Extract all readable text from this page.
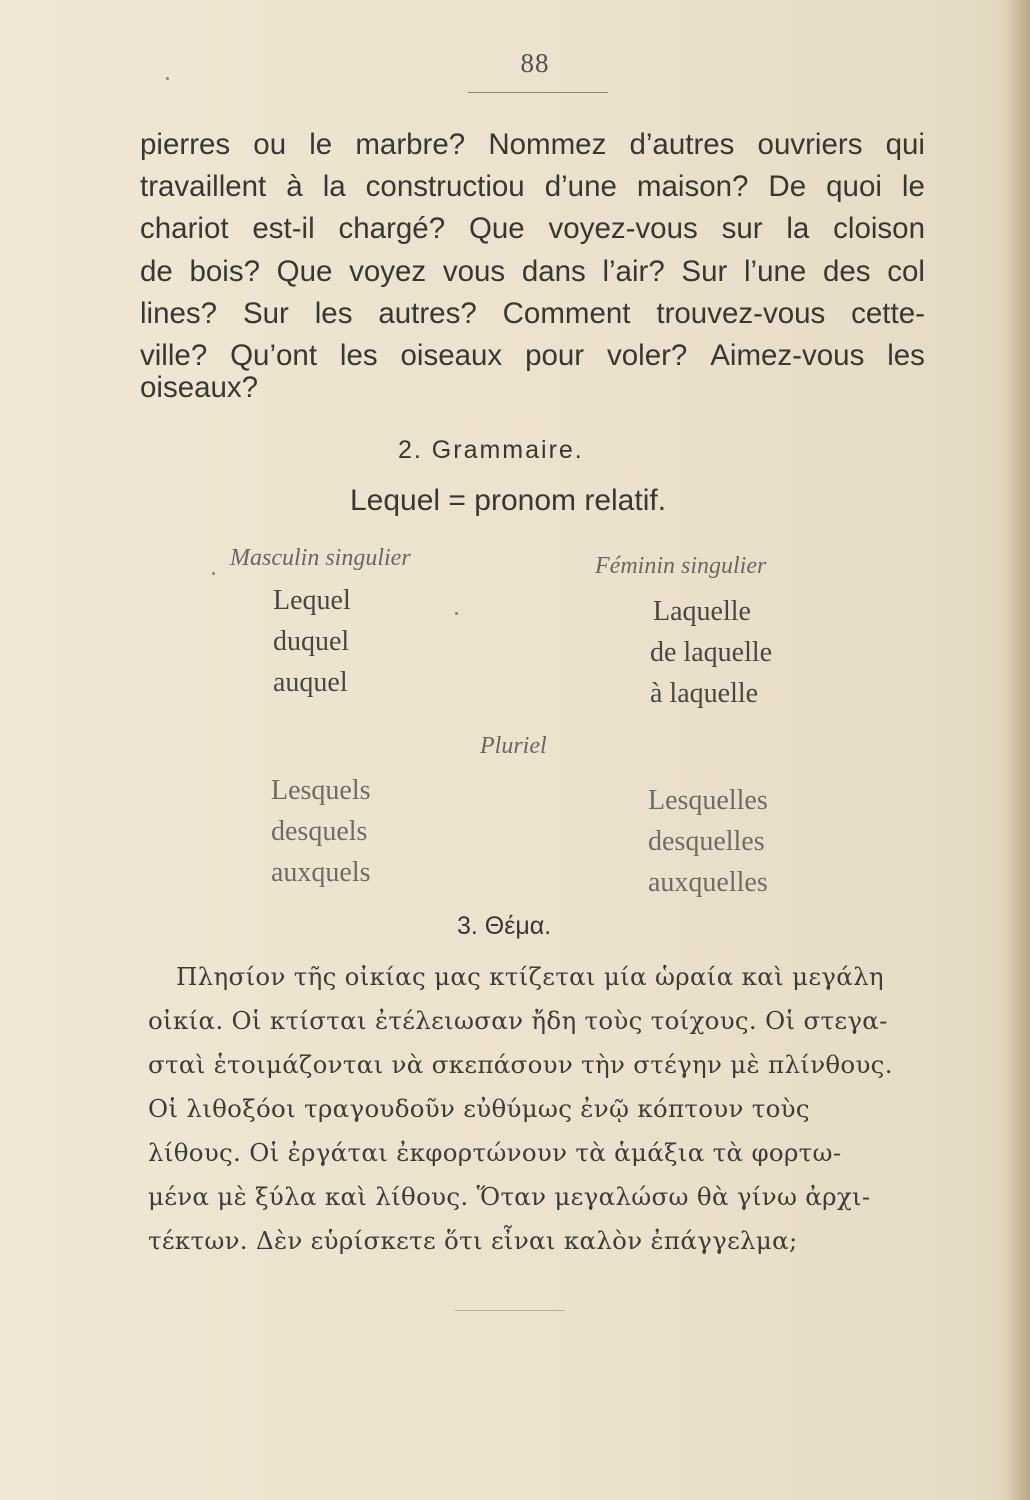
88
pierres ou le marbre? Nommez d’autres ouvriers qui
travaillent à la constructiou d’une maison? De quoi le
chariot est-il chargé? Que voyez-vous sur la cloison
de bois? Que voyez vous dans l’air? Sur l’une des col
lines? Sur les autres? Comment trouvez-vous cette-
ville? Qu’ont les oiseaux pour voler? Aimez-vous les
oiseaux?
2. Grammaire.
Lequel = pronom relatif.
Masculin singulier	Féminin singulier
Lequel
duquel
auquel
Laquelle
de laquelle
à laquelle
Pluriel
Lesquels
desquels
auxquels
Lesquelles
desquelles
auxquelles
3. Θέμα.
Πλησίον τῆς οἰκίας μας κτίζεται μία ὡραία καὶ μεγάλη
οἰκία. Οἱ κτίσται ἐτέλειωσαν ἤδη τοὺς τοίχους. Οἱ στεγα-
σταὶ ἑτοιμάζονται νὰ σκεπάσουν τὴν στέγην μὲ πλίνθους.
Οἱ λιθοξόοι τραγουδοῦν εὐθύμως ἐνῷ κόπτουν τοὺς
λίθους. Οἱ ἐργάται ἐκφορτώνουν τὰ ἁμάξια τὰ φορτω-
μένα μὲ ξύλα καὶ λίθους. Ὅταν μεγαλώσω θὰ γίνω ἀρχι-
τέκτων. Δὲν εὑρίσκετε ὅτι εἶναι καλὸν ἐπάγγελμα;
